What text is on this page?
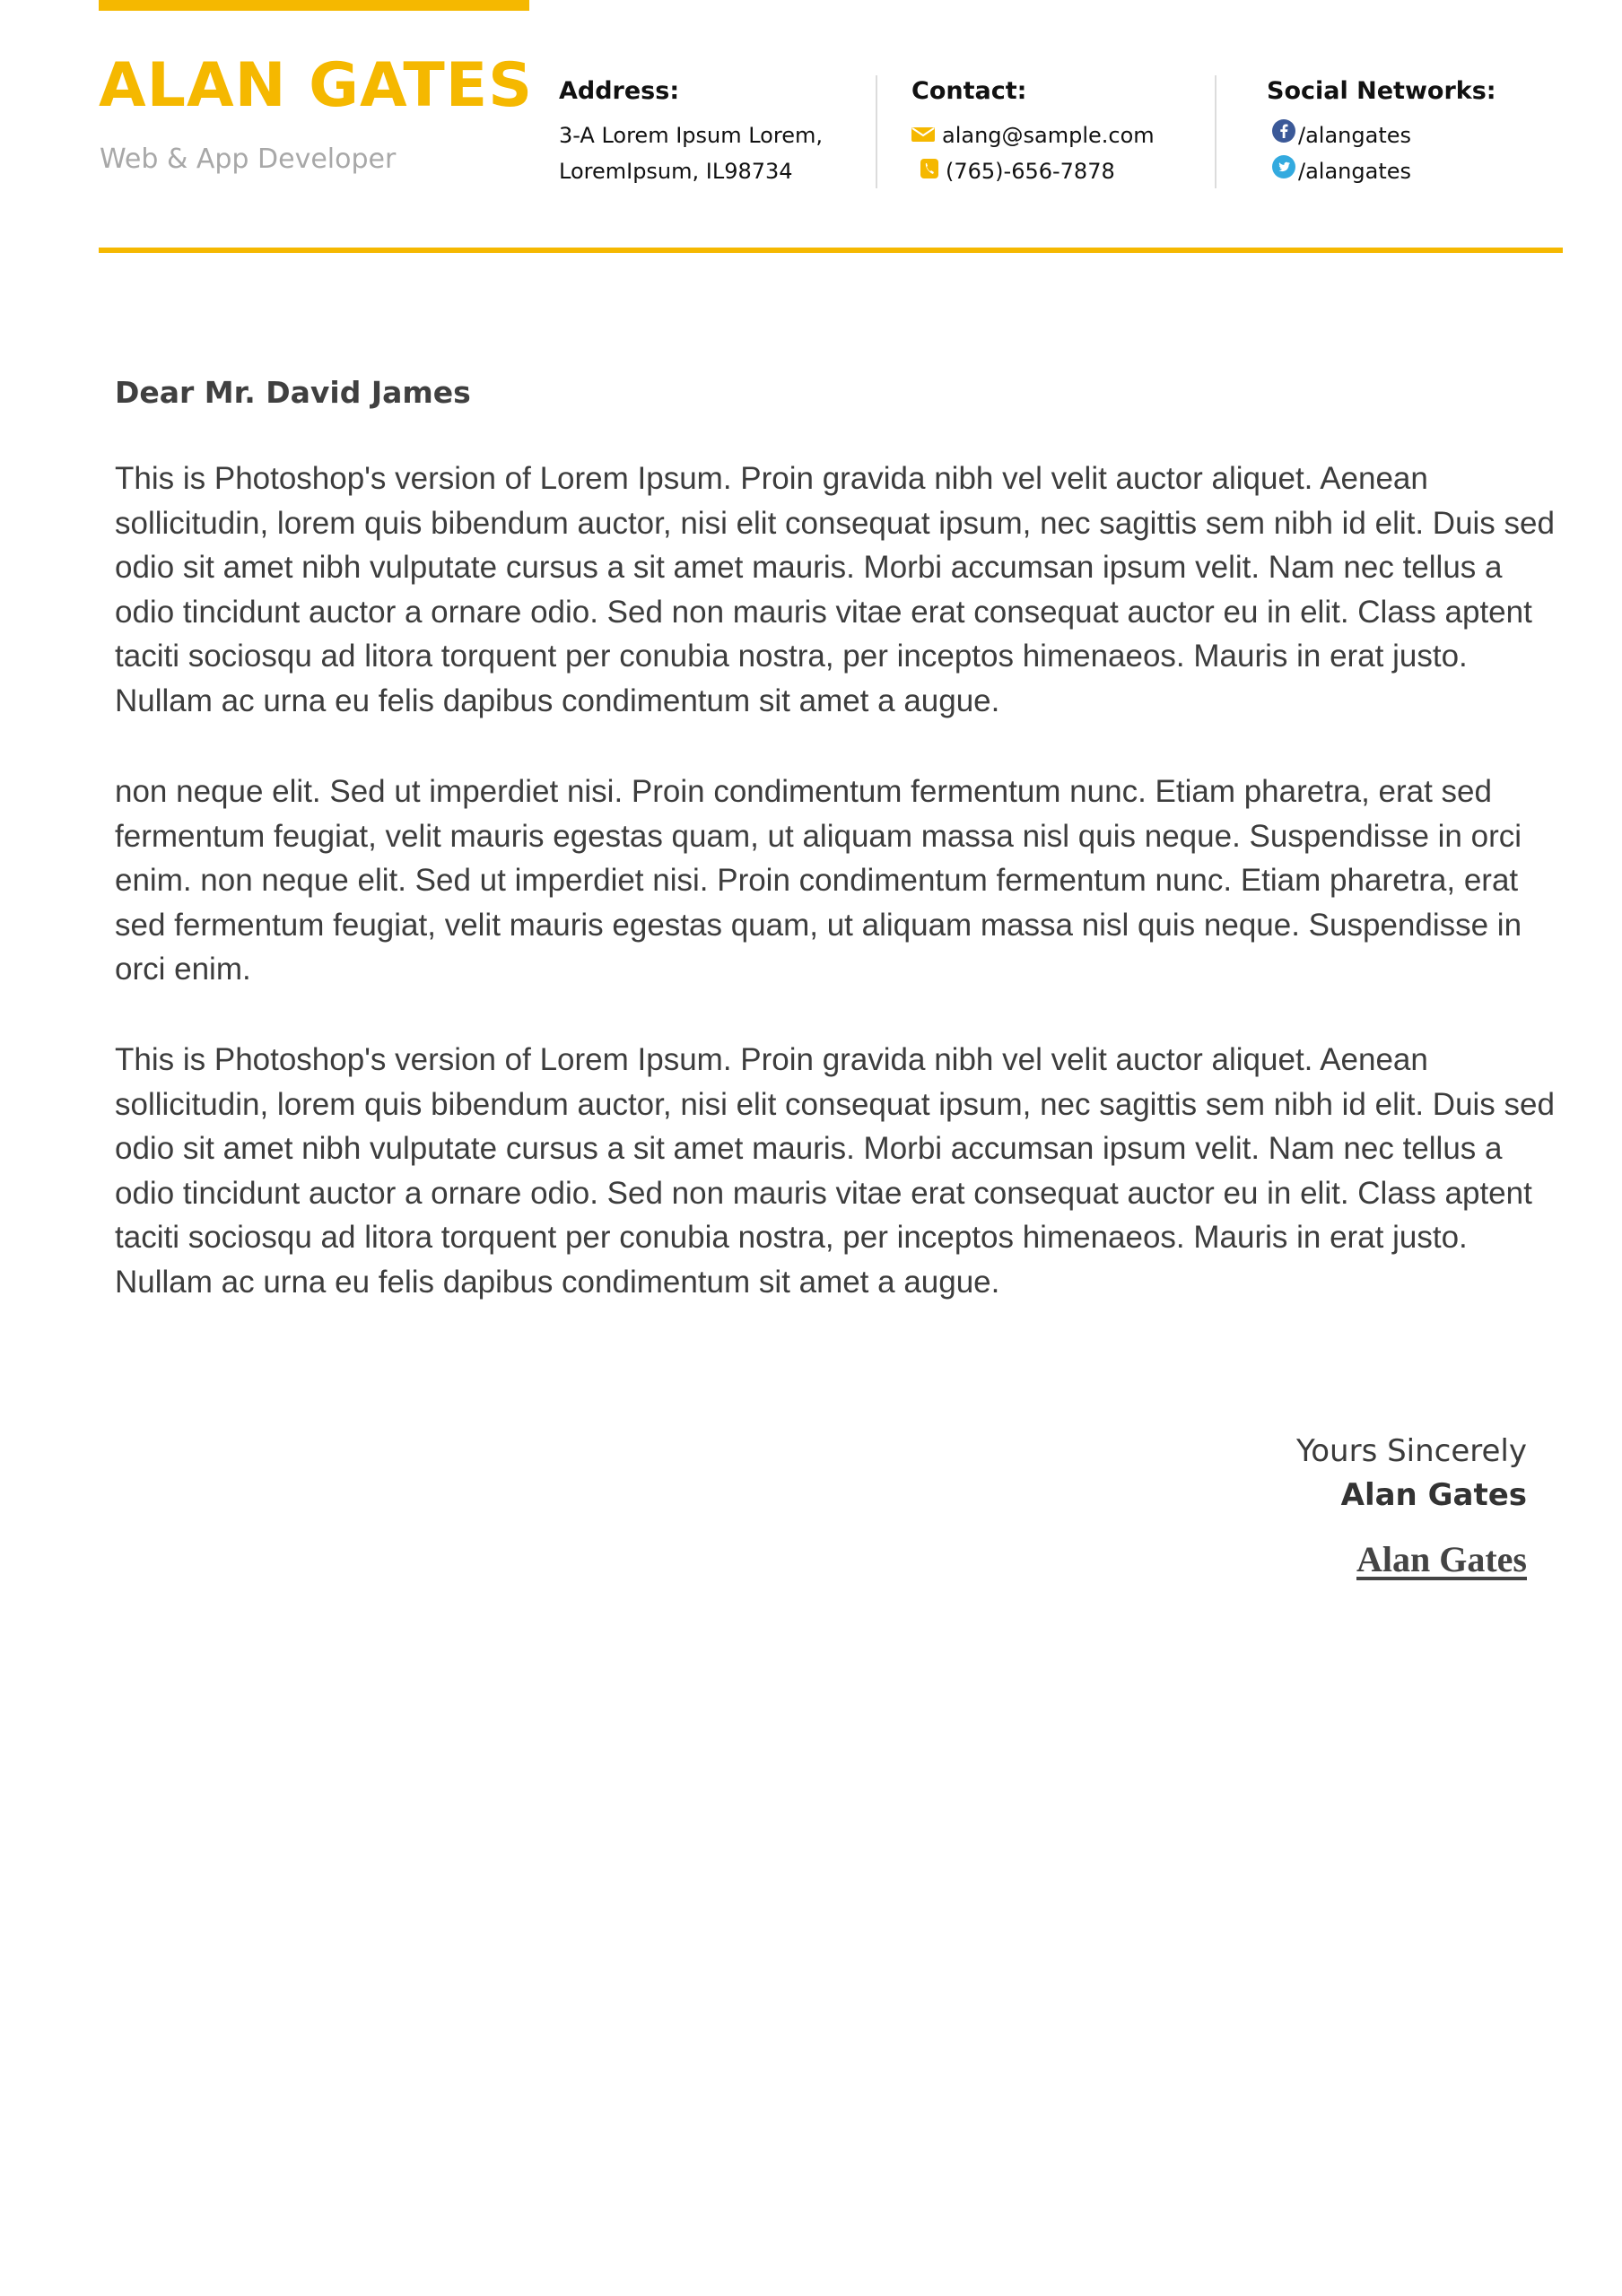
ALAN GATES
Web & App Developer
Address:
3-A Lorem Ipsum Lorem,
LoremIpsum, IL98734
Contact:
alang@sample.com
(765)-656-7878
Social Networks:
/alangates
/alangates
Dear Mr. David James
This is Photoshop's version of Lorem Ipsum. Proin gravida nibh vel velit auctor aliquet. Aenean sollicitudin, lorem quis bibendum auctor, nisi elit consequat ipsum, nec sagittis sem nibh id elit. Duis sed odio sit amet nibh vulputate cursus a sit amet mauris. Morbi accumsan ipsum velit. Nam nec tellus a odio tincidunt auctor a ornare odio. Sed non mauris vitae erat consequat auctor eu in elit. Class aptent taciti sociosqu ad litora torquent per conubia nostra, per inceptos himenaeos. Mauris in erat justo. Nullam ac urna eu felis dapibus condimentum sit amet a augue.
non neque elit. Sed ut imperdiet nisi. Proin condimentum fermentum nunc. Etiam pharetra, erat sed fermentum feugiat, velit mauris egestas quam, ut aliquam massa nisl quis neque. Suspendisse in orci enim. non neque elit. Sed ut imperdiet nisi. Proin condimentum fermentum nunc. Etiam pharetra, erat sed fermentum feugiat, velit mauris egestas quam, ut aliquam massa nisl quis neque. Suspendisse in orci enim.
This is Photoshop's version of Lorem Ipsum. Proin gravida nibh vel velit auctor aliquet. Aenean sollicitudin, lorem quis bibendum auctor, nisi elit consequat ipsum, nec sagittis sem nibh id elit. Duis sed odio sit amet nibh vulputate cursus a sit amet mauris. Morbi accumsan ipsum velit. Nam nec tellus a odio tincidunt auctor a ornare odio. Sed non mauris vitae erat consequat auctor eu in elit. Class aptent taciti sociosqu ad litora torquent per conubia nostra, per inceptos himenaeos. Mauris in erat justo. Nullam ac urna eu felis dapibus condimentum sit amet a augue.
Yours Sincerely
Alan Gates
Alan Gates
